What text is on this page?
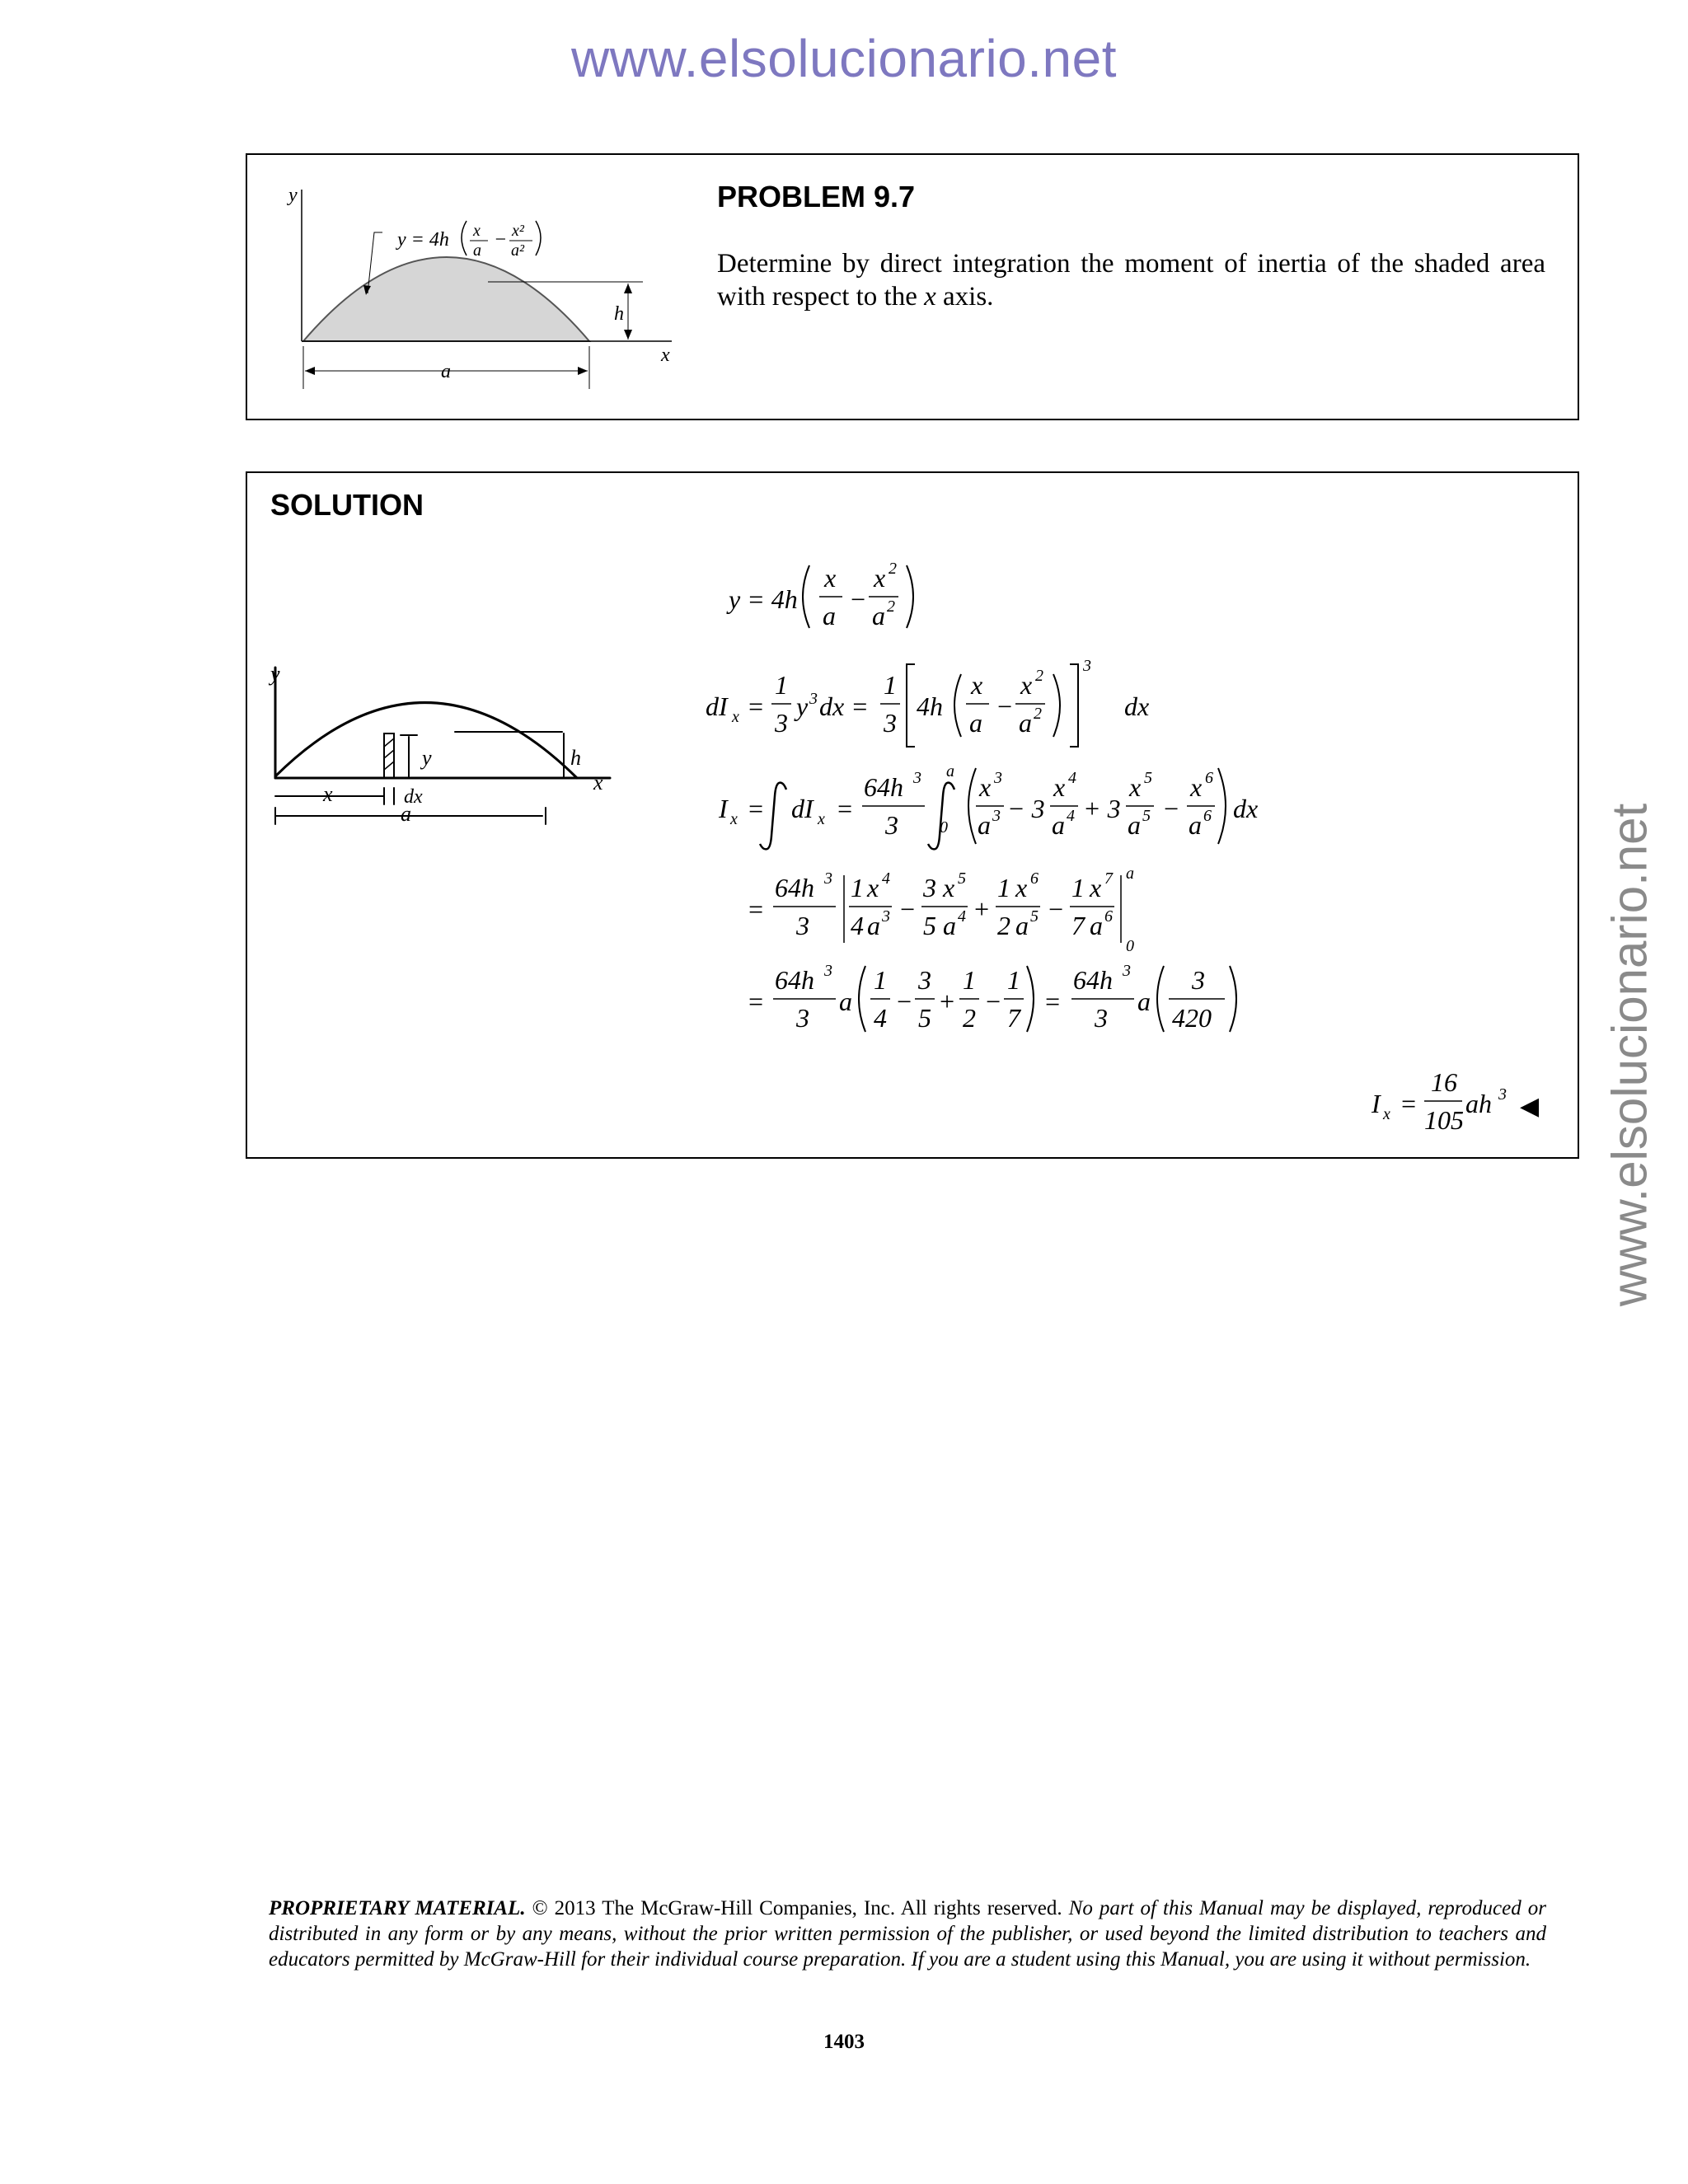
www.elsolucionario.net
www.elsolucionario.net
y
x
h
a
y = 4h x
a − x²
a²
PROBLEM 9.7
Determine by direct integration the moment of inertia of the shaded area with respect to the x axis.
SOLUTION
y
x
y	h
x	dx
a
y = 4h
x
a
−
x 2
a 2
dI x =
1
3
y 3 dx =
1
3
4h
x
a
−
x 2
a 2
3
dx
I x = dI x =
64h 3
3
a
0
x 3
a 3 − 3
x 4
a 4 + 3
x 5
a 5 −
x 6
a 6 dx
=
64h 3
3
1 x 4
4 a 3 −
3 x 5
5 a 4 +
1 x 6
2 a 5 −
1 x 7
7 a 6
a
0
=
64h 3
3
a
1
4
−
3
5
+
1
2
−
1
7
=
64h 3
3
a
3
420
I x =
16
105
ah 3 ◀
PROPRIETARY MATERIAL. © 2013 The McGraw-Hill Companies, Inc. All rights reserved. No part of this Manual may be displayed, reproduced or distributed in any form or by any means, without the prior written permission of the publisher, or used beyond the limited distribution to teachers and educators permitted by McGraw-Hill for their individual course preparation. If you are a student using this Manual, you are using it without permission.
1403
